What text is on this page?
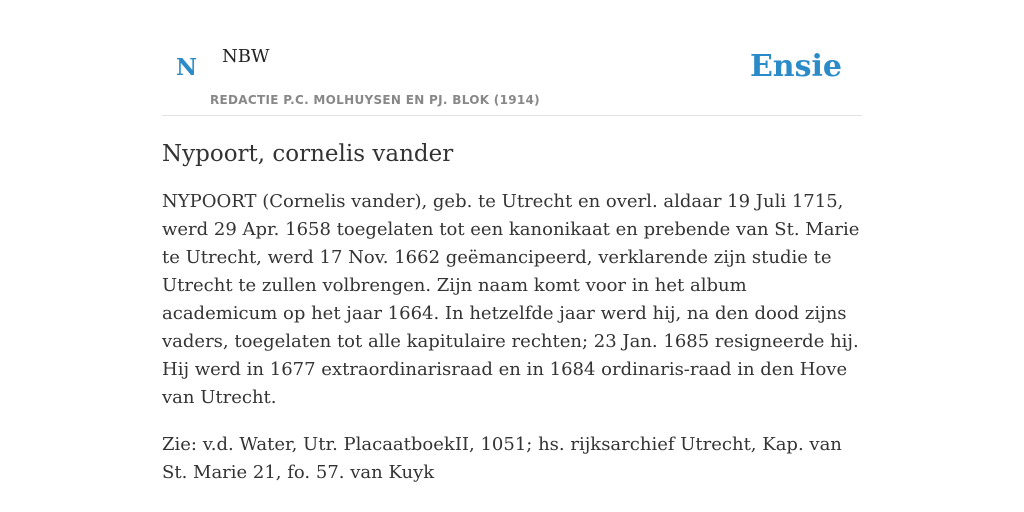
N NBW
REDACTIE P.C. MOLHUYSEN EN PJ. BLOK (1914)
Ensie
Nypoort, cornelis vander

NYPOORT (Cornelis vander), geb. te Utrecht en overl. aldaar 19 Juli 1715, werd 29 Apr. 1658 toegelaten tot een kanonikaat en prebende van St. Marie te Utrecht, werd 17 Nov. 1662 geëmancipeerd, verklarende zijn studie te Utrecht te zullen volbrengen. Zijn naam komt voor in het album academicum op het jaar 1664. In hetzelfde jaar werd hij, na den dood zijns vaders, toegelaten tot alle kapitulaire rechten; 23 Jan. 1685 resigneerde hij. Hij werd in 1677 extraordinarisraad en in 1684 ordinaris-raad in den Hove van Utrecht.

Zie: v.d. Water, Utr. PlacaatboekII, 1051; hs. rijksarchief Utrecht, Kap. van St. Marie 21, fo. 57. van Kuyk
